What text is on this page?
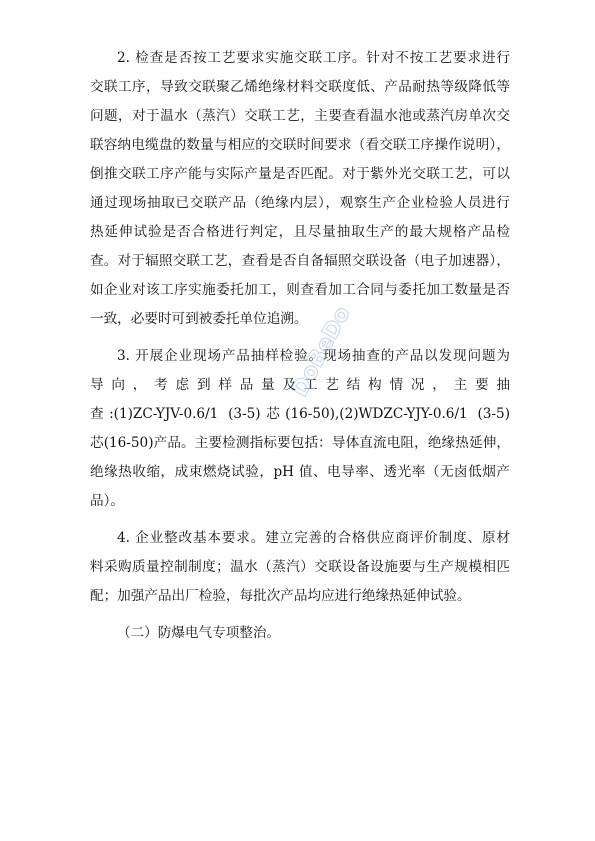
2. 检查是否按工艺要求实施交联工序。针对不按工艺要求进行
交联工序，导致交联聚乙烯绝缘材料交联度低、产品耐热等级降低等
问题，对于温水（蒸汽）交联工艺，主要查看温水池或蒸汽房单次交
联容纳电缆盘的数量与相应的交联时间要求（看交联工序操作说明），
倒推交联工序产能与实际产量是否匹配。对于紫外光交联工艺，可以
通过现场抽取已交联产品（绝缘内层），观察生产企业检验人员进行
热延伸试验是否合格进行判定，且尽量抽取生产的最大规格产品检
查。对于辐照交联工艺，查看是否自备辐照交联设备（电子加速器），
如企业对该工序实施委托加工，则查看加工合同与委托加工数量是否
一致，必要时可到被委托单位追溯。
3. 开展企业现场产品抽样检验。现场抽查的产品以发现问题为
导 向 ， 考 虑 到 样 品 量 及 工 艺 结 构 情 况 ， 主 要 抽
查:(1)ZC-YJV-0.6/1 (3-5)芯(16-50),(2)WDZC-YJY-0.6/1 (3-5)
芯(16-50)产品。主要检测指标要包括：导体直流电阻，绝缘热延伸，
绝缘热收缩，成束燃烧试验，pH 值、电导率、透光率（无卤低烟产
品）。
4. 企业整改基本要求。建立完善的合格供应商评价制度、原材
料采购质量控制制度；温水（蒸汽）交联设备设施要与生产规模相匹
配；加强产品出厂检验，每批次产品均应进行绝缘热延伸试验。
（二）防爆电气专项整治。
DoBeDo
